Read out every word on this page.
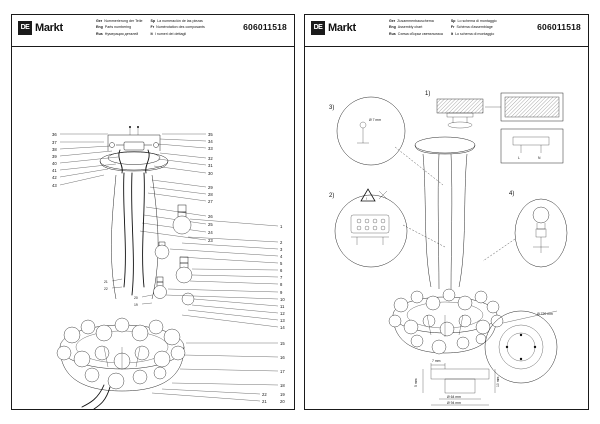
DE Markt
Ger Nummerierung der Teile
Eng Parts numbering
Rus Нумерация деталей
Sp La numeración de las piezas
Fr Numérotation des composants
It I numeri dei dettagli
606011518
36
37
38
39
40
41
42
43
35
34
33
32
31
30
29
28
27
26
25
24
23
1
2
3
4
5
6
7
8
9
10
11
12
13
14
21
22
20
19
15
16
17
18
19
20
21
22
DE Markt
Ger Zusammenbauschema
Eng Assembly chart
Rus Схема сборки светильника
Sp Lo schema di montaggio
Fr Schéma d'assemblage
It Lo schema di montaggio
606011518
1)
L	N
3)
Ø 7 mm
2)	!
4)
Ø 720 mm
7 mm
5 mm	10 mm
Ø 64 mm
Ø 94 mm
